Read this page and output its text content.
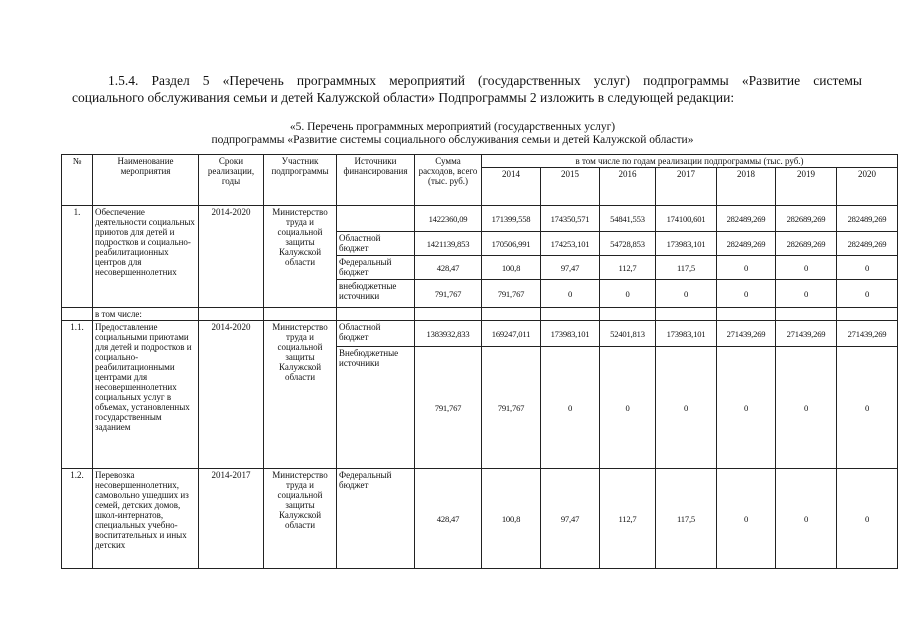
1.5.4. Раздел 5 «Перечень программных мероприятий (государственных услуг) подпрограммы «Развитие системы
социального обслуживания семьи и детей Калужской области» Подпрограммы 2 изложить в следующей редакции:
«5. Перечень программных мероприятий (государственных услуг)
подпрограммы «Развитие системы социального обслуживания семьи и детей Калужской области»
№	Наименование мероприятия	Сроки реализации, годы	Участник подпрограммы	Источники финансирования	Сумма расходов, всего (тыс. руб.)	в том числе по годам реализации подпрограммы (тыс. руб.)						
						2014	2015	2016	2017	2018	2019	2020
1.	Обеспечение деятельности социальных приютов для детей и подростков и социально-реабилитационных центров для несовершеннолетних	2014-2020	Министерство труда и социальной защиты Калужской области		1422360,09	171399,558	174350,571	54841,553	174100,601	282489,269	282689,269	282489,269
				Областной бюджет	1421139,853	170506,991	174253,101	54728,853	173983,101	282489,269	282689,269	282489,269
				Федеральный бюджет	428,47	100,8	97,47	112,7	117,5	0	0	0
				внебюджетные источники	791,767	791,767	0	0	0	0	0	0
	в том числе:											
1.1.	Предоставление социальными приютами для детей и подростков и социально-реабилитационными центрами для несовершеннолетних социальных услуг в объемах, установленных государственным заданием	2014-2020	Министерство труда и социальной защиты Калужской области	Областной бюджет	1383932,833	169247,011	173983,101	52401,813	173983,101	271439,269	271439,269	271439,269
				Внебюджетные источники	791,767	791,767	0	0	0	0	0	0
1.2.	Перевозка несовершеннолетних, самовольно ушедших из семей, детских домов, школ-интернатов, специальных учебно-воспитательных и иных детских	2014-2017	Министерство труда и социальной защиты Калужской области	Федеральный бюджет	428,47	100,8	97,47	112,7	117,5	0	0	0
